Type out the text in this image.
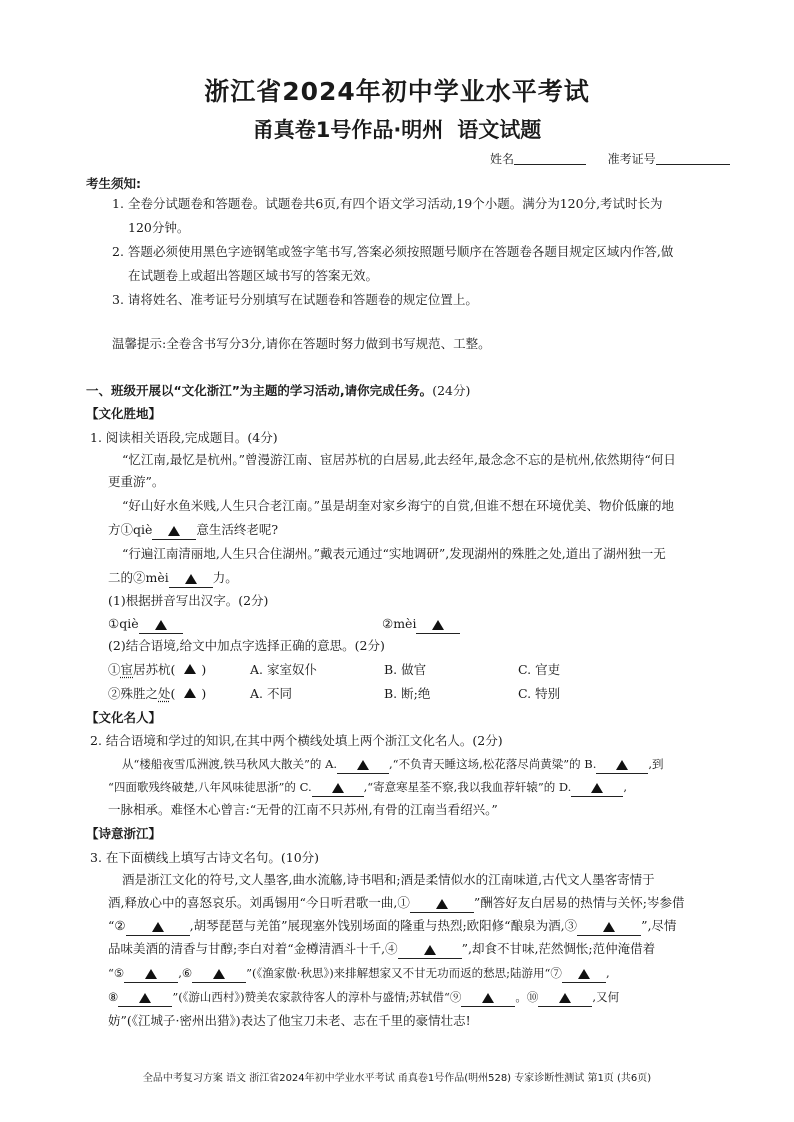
浙江省2024年初中学业水平考试
甬真卷1号作品·明州 语文试题
姓名	准考证号
考生须知:
1. 全卷分试题卷和答题卷。试题卷共6页,有四个语文学习活动,19个小题。满分为120分,考试时长为
120分钟。
2. 答题必须使用黑色字迹钢笔或签字笔书写,答案必须按照题号顺序在答题卷各题目规定区域内作答,做
在试题卷上或超出答题区域书写的答案无效。
3. 请将姓名、准考证号分别填写在试题卷和答题卷的规定位置上。
温馨提示:全卷含书写分3分,请你在答题时努力做到书写规范、工整。
一、班级开展以“文化浙江”为主题的学习活动,请你完成任务。(24分)
【文化胜地】
1. 阅读相关语段,完成题目。(4分)
“忆江南,最忆是杭州。”曾漫游江南、宦居苏杭的白居易,此去经年,最念念不忘的是杭州,依然期待“何日
更重游”。
“好山好水鱼米贱,人生只合老江南。”虽是胡奎对家乡海宁的自赏,但谁不想在环境优美、物价低廉的地
方①qiè	意生活终老呢?
“行遍江南清丽地,人生只合住湖州。”戴表元通过“实地调研”,发现湖州的殊胜之处,道出了湖州独一无
二的②mèi	力。
(1)根据拼音写出汉字。(2分)
①qiè	②mèi
(2)结合语境,给文中加点字选择正确的意思。(2分)
①宦居苏杭( )	A. 家室奴仆	B. 做官	C. 官吏
②殊胜之处( )	A. 不同	B. 断;绝	C. 特别
【文化名人】
2. 结合语境和学过的知识,在其中两个横线处填上两个浙江文化名人。(2分)
从“楼船夜雪瓜洲渡,铁马秋风大散关”的 A.	,“不负青天睡这场,松花落尽尚黄粱”的 B.	,到
“四面歌残终破楚,八年风味徒思浙”的 C.	,“寄意寒星荃不察,我以我血荐轩辕”的 D.	,
一脉相承。难怪木心曾言:“无骨的江南不只苏州,有骨的江南当看绍兴。”
【诗意浙江】
3. 在下面横线上填写古诗文名句。(10分)
酒是浙江文化的符号,文人墨客,曲水流觞,诗书唱和;酒是柔情似水的江南味道,古代文人墨客寄情于
酒,释放心中的喜怒哀乐。刘禹锡用“今日听君歌一曲,①	”酬答好友白居易的热情与关怀;岑参借
“②	,胡琴琵琶与羌笛”展现塞外饯别场面的隆重与热烈;欧阳修“酿泉为酒,③	”,尽情
品味美酒的清香与甘醇;李白对着“金樽清酒斗十千,④	”,却食不甘味,茫然惆怅;范仲淹借着
“⑤	,⑥	”(《渔家傲·秋思》)来排解想家又不甘无功而返的愁思;陆游用“⑦	,
⑧	”(《游山西村》)赞美农家款待客人的淳朴与盛情;苏轼借“⑨	。⑩	,又何
妨”(《江城子·密州出猎》)表达了他宝刀未老、志在千里的豪情壮志!
全品中考复习方案 语文 浙江省2024年初中学业水平考试 甬真卷1号作品(明州528) 专家诊断性测试 第1页 (共6页)
